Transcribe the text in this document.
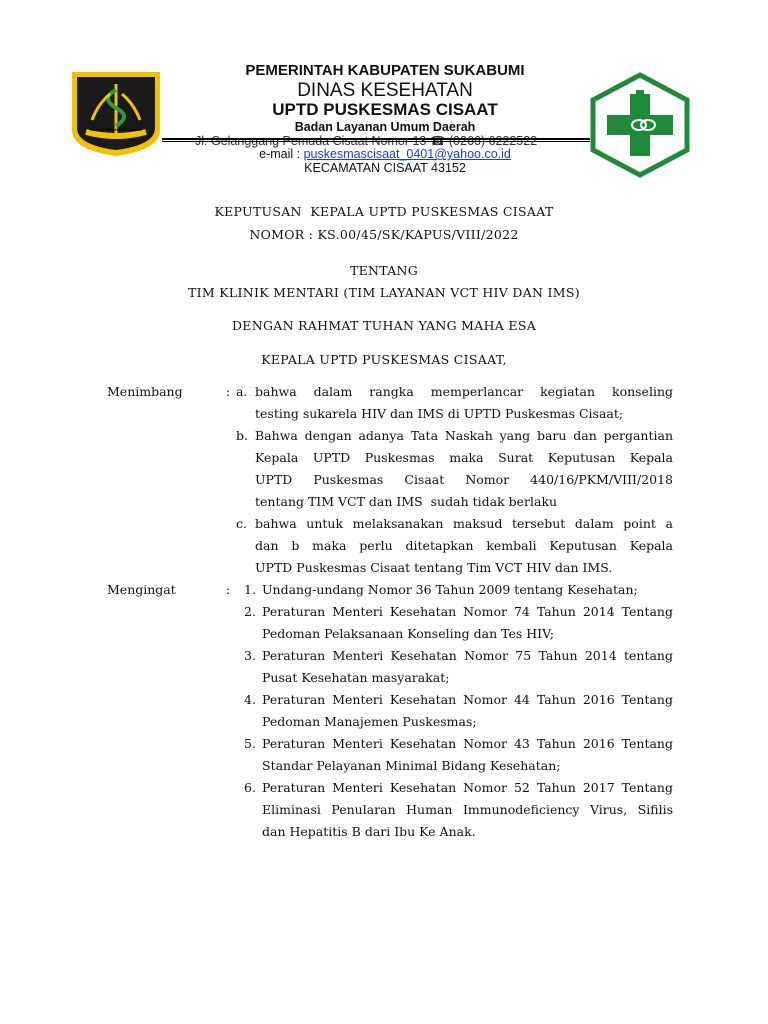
GEMAH RIPAH LOH JINAWI
PEMERINTAH KABUPATEN SUKABUMI
DINAS KESEHATAN
UPTD PUSKESMAS CISAAT
Badan Layanan Umum Daerah
e-mail : puskesmascisaat_0401@yahoo.co.id
KECAMATAN CISAAT 43152
KEPUTUSAN  KEPALA UPTD PUSKESMAS CISAAT
NOMOR : KS.00/45/SK/KAPUS/VIII/2022
TENTANG
TIM KLINIK MENTARI (TIM LAYANAN VCT HIV DAN IMS)
DENGAN RAHMAT TUHAN YANG MAHA ESA
KEPALA UPTD PUSKESMAS CISAAT,
Menimbang	: a. bahwa dalam rangka memperlancar kegiatan konseling
testing sukarela HIV dan IMS di UPTD Puskesmas Cisaat;
b. Bahwa dengan adanya Tata Naskah yang baru dan pergantian
Kepala UPTD Puskesmas maka Surat Keputusan Kepala
UPTD Puskesmas Cisaat Nomor 440/16/PKM/VIII/2018
tentang TIM VCT dan IMS  sudah tidak berlaku
c. bahwa untuk melaksanakan maksud tersebut dalam point a
dan b maka perlu ditetapkan kembali Keputusan Kepala
UPTD Puskesmas Cisaat tentang Tim VCT HIV dan IMS.
Mengingat	: 1. Undang-undang Nomor 36 Tahun 2009 tentang Kesehatan;
2. Peraturan Menteri Kesehatan Nomor 74 Tahun 2014 Tentang
Pedoman Pelaksanaan Konseling dan Tes HIV;
3. Peraturan Menteri Kesehatan Nomor 75 Tahun 2014 tentang
Pusat Kesehatan masyarakat;
4. Peraturan Menteri Kesehatan Nomor 44 Tahun 2016 Tentang
Pedoman Manajemen Puskesmas;
5. Peraturan Menteri Kesehatan Nomor 43 Tahun 2016 Tentang
Standar Pelayanan Minimal Bidang Kesehatan;
6. Peraturan Menteri Kesehatan Nomor 52 Tahun 2017 Tentang
Eliminasi Penularan Human Immunodeficiency Virus, Sifilis
dan Hepatitis B dari Ibu Ke Anak.
